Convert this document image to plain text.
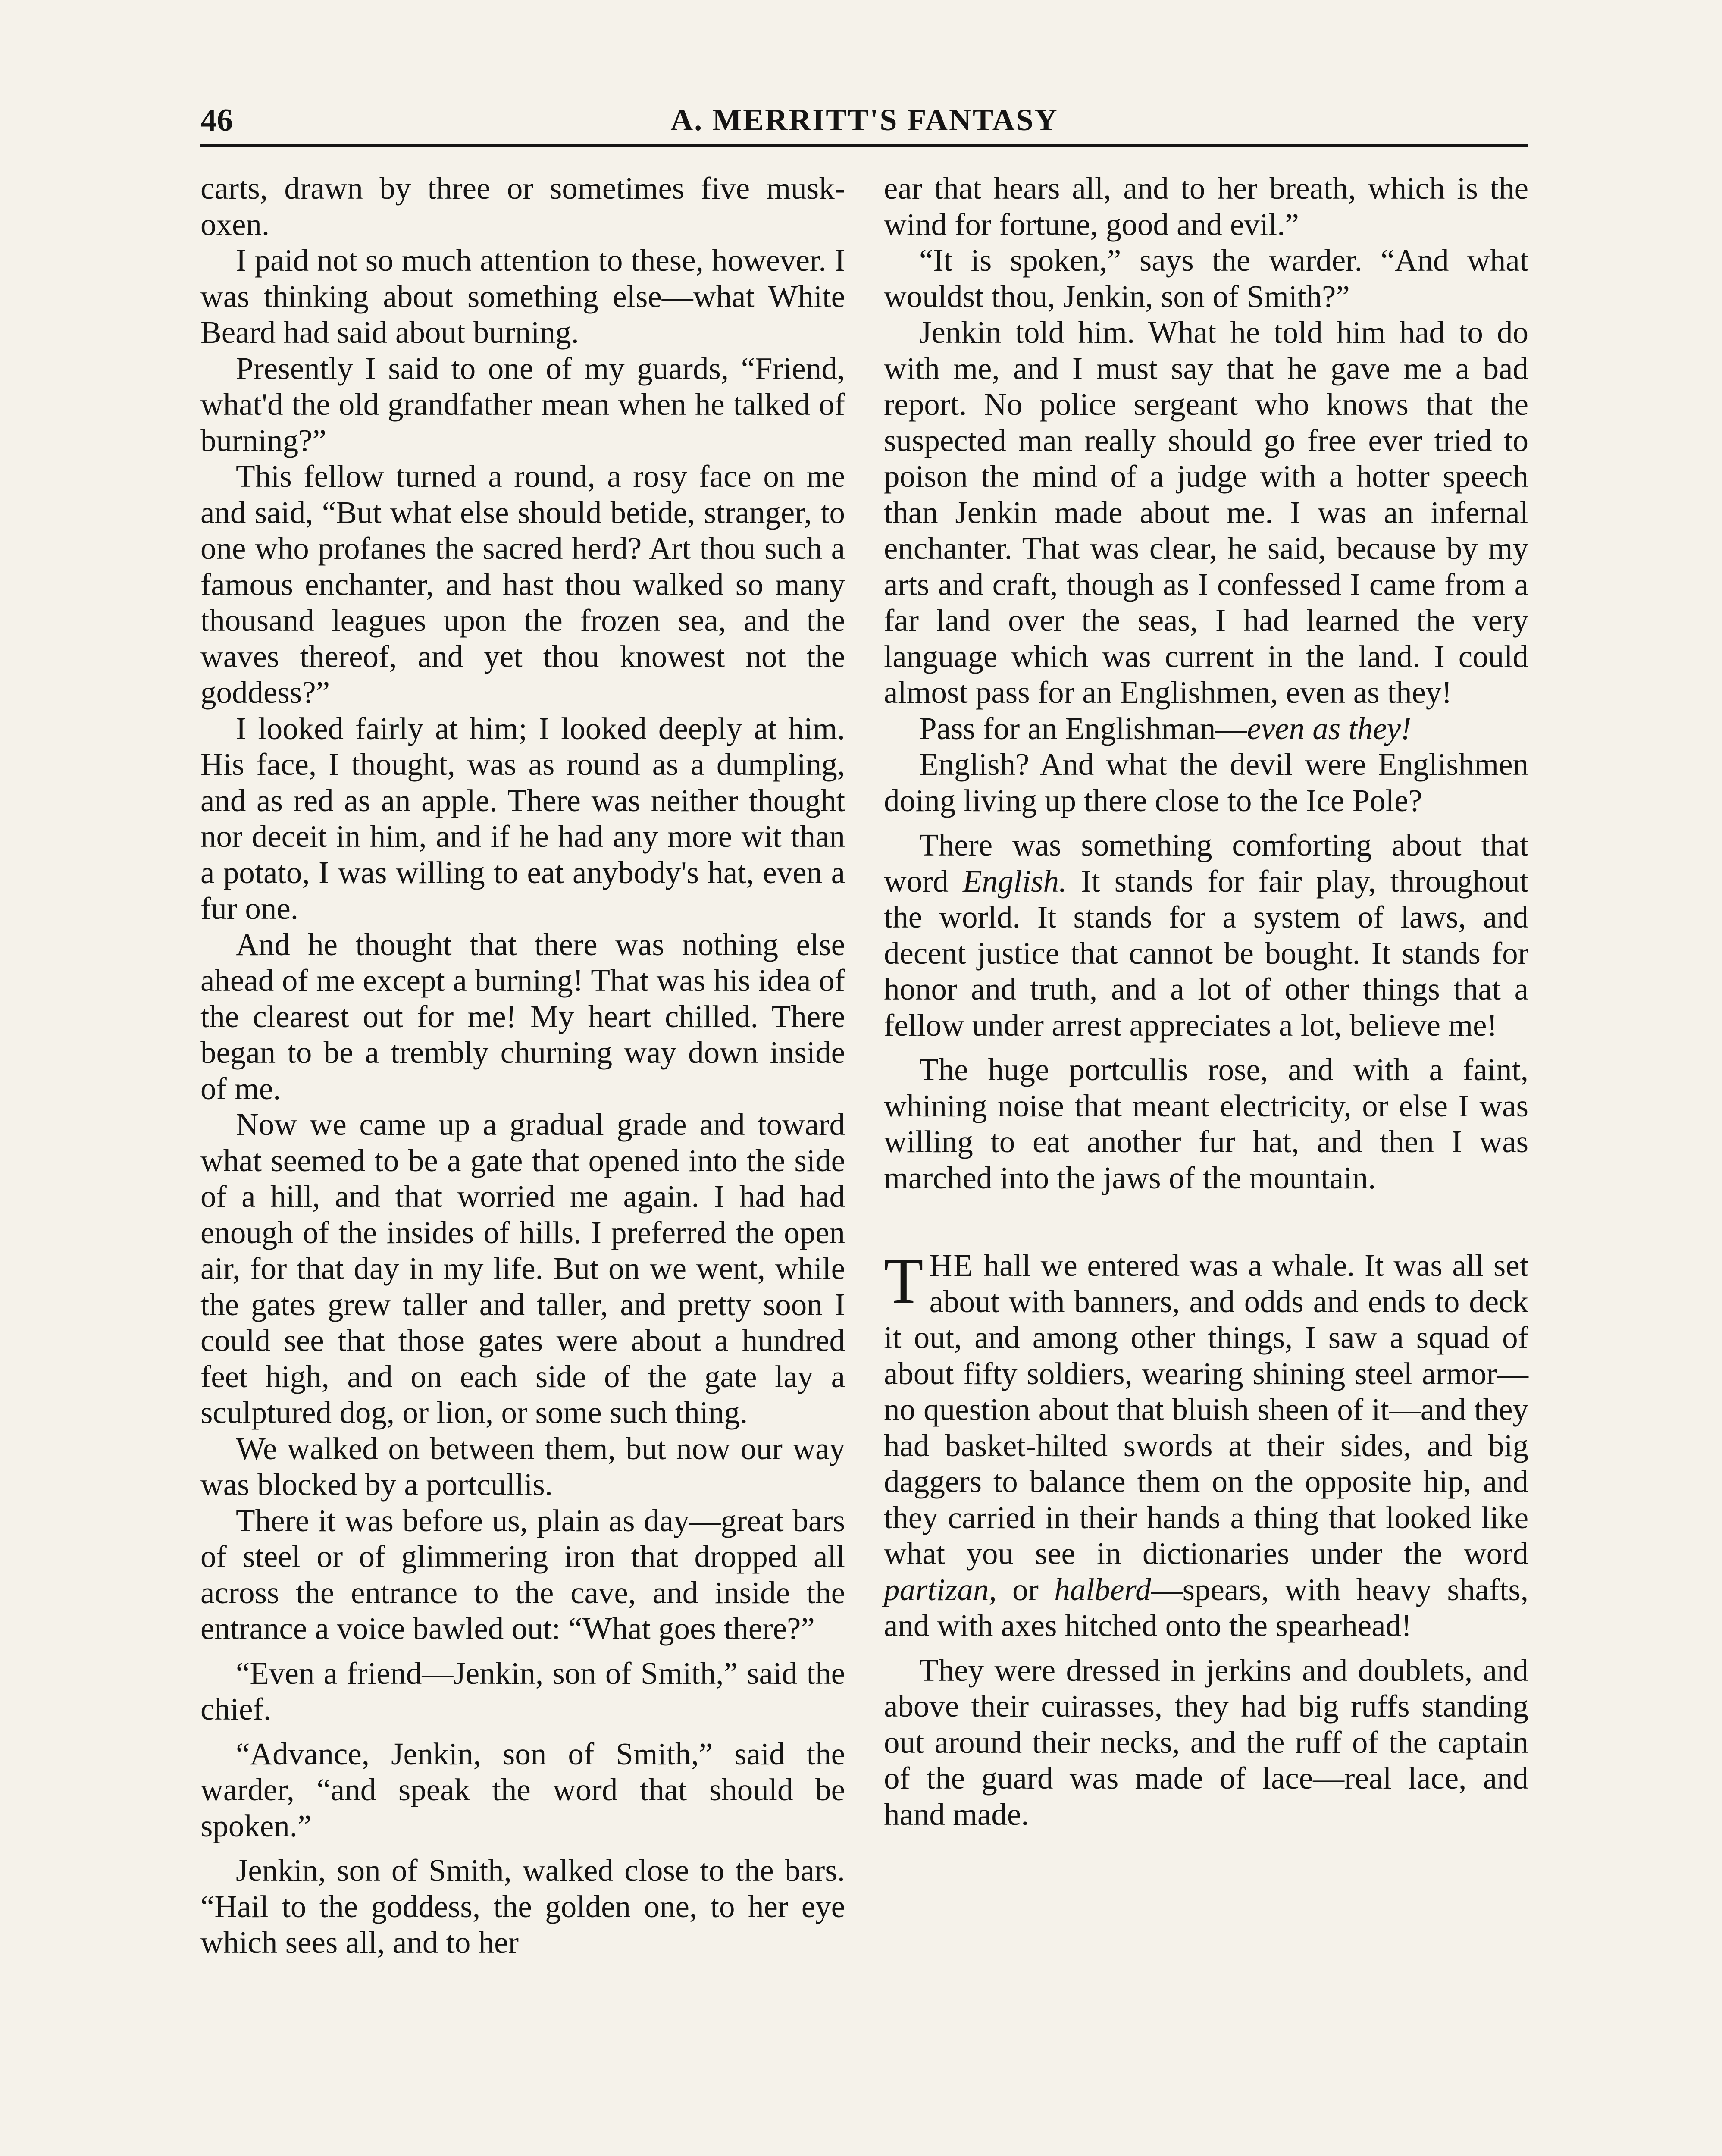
46	A. MERRITT'S FANTASY

carts, drawn by three or sometimes five musk-oxen.

I paid not so much attention to these, however. I was thinking about something else—what White Beard had said about burning.

Presently I said to one of my guards, “Friend, what'd the old grandfather mean when he talked of burning?”

This fellow turned a round, a rosy face on me and said, “But what else should betide, stranger, to one who profanes the sacred herd? Art thou such a famous enchanter, and hast thou walked so many thousand leagues upon the frozen sea, and the waves thereof, and yet thou knowest not the goddess?”

I looked fairly at him; I looked deeply at him. His face, I thought, was as round as a dumpling, and as red as an apple. There was neither thought nor deceit in him, and if he had any more wit than a potato, I was willing to eat anybody's hat, even a fur one.

And he thought that there was nothing else ahead of me except a burning! That was his idea of the clearest out for me! My heart chilled. There began to be a trembly churning way down inside of me.

Now we came up a gradual grade and toward what seemed to be a gate that opened into the side of a hill, and that worried me again. I had had enough of the insides of hills. I preferred the open air, for that day in my life. But on we went, while the gates grew taller and taller, and pretty soon I could see that those gates were about a hundred feet high, and on each side of the gate lay a sculptured dog, or lion, or some such thing.

We walked on between them, but now our way was blocked by a portcullis.

There it was before us, plain as day—great bars of steel or of glimmering iron that dropped all across the entrance to the cave, and inside the entrance a voice bawled out: “What goes there?”

“Even a friend—Jenkin, son of Smith,” said the chief.

“Advance, Jenkin, son of Smith,” said the warder, “and speak the word that should be spoken.”

Jenkin, son of Smith, walked close to the bars. “Hail to the goddess, the golden one, to her eye which sees all, and to her

ear that hears all, and to her breath, which is the wind for fortune, good and evil.”

“It is spoken,” says the warder. “And what wouldst thou, Jenkin, son of Smith?”

Jenkin told him. What he told him had to do with me, and I must say that he gave me a bad report. No police sergeant who knows that the suspected man really should go free ever tried to poison the mind of a judge with a hotter speech than Jenkin made about me. I was an infernal enchanter. That was clear, he said, because by my arts and craft, though as I confessed I came from a far land over the seas, I had learned the very language which was current in the land. I could almost pass for an Englishmen, even as they!

Pass for an Englishman—even as they!

English? And what the devil were Englishmen doing living up there close to the Ice Pole?

There was something comforting about that word English. It stands for fair play, throughout the world. It stands for a system of laws, and decent justice that cannot be bought. It stands for honor and truth, and a lot of other things that a fellow under arrest appreciates a lot, believe me!

The huge portcullis rose, and with a faint, whining noise that meant electricity, or else I was willing to eat another fur hat, and then I was marched into the jaws of the mountain.

THE hall we entered was a whale. It was all set about with banners, and odds and ends to deck it out, and among other things, I saw a squad of about fifty soldiers, wearing shining steel armor—no question about that bluish sheen of it—and they had basket-hilted swords at their sides, and big daggers to balance them on the opposite hip, and they carried in their hands a thing that looked like what you see in dictionaries under the word partizan, or halberd—spears, with heavy shafts, and with axes hitched onto the spearhead!

They were dressed in jerkins and doublets, and above their cuirasses, they had big ruffs standing out around their necks, and the ruff of the captain of the guard was made of lace—real lace, and hand made.
